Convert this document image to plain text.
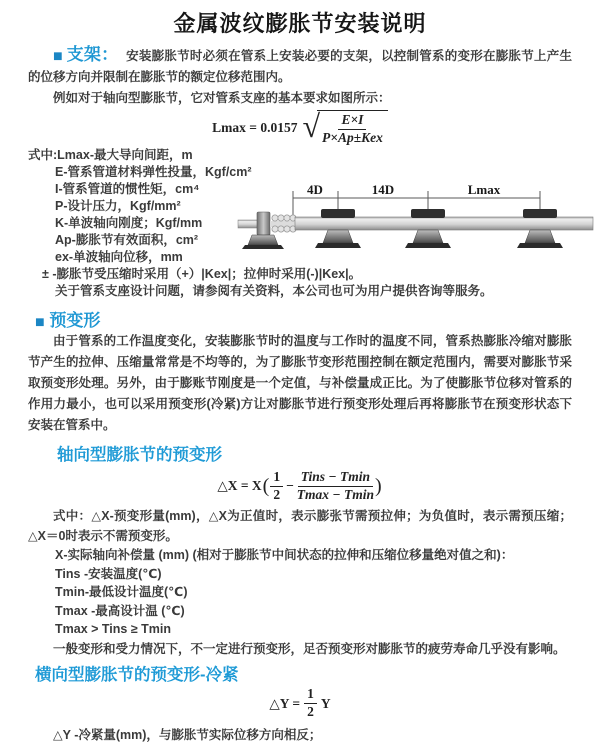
金属波纹膨胀节安装说明

■ 支架： 安装膨胀节时必须在管系上安装必要的支架，以控制管系的变形在膨胀节上产生的位移方向并限制在膨胀节的额定位移范围内。

例如对于轴向型膨胀节，它对管系支座的基本要求如图所示：

Lmax = 0.0157 √ $\frac{E\times I}{\text{P×Ap±Kex}}$

式中:Lmax-最大导向间距，m

E-管系管道材料弹性投量，Kgf/cm²

I-管系管道的惯性矩，cm⁴

P-设计压力，Kgf/mm²

K-单波轴向刚度；Kgf/mm

Ap-膨胀节有效面积，cm²

ex-单波轴向位移，mm

± -膨胀节受压缩时采用（+）|Kex|；拉伸时采用(-)|Kex|。

关于管系支座设计问题，请参阅有关资料，本公司也可为用户提供咨询等服务。

4D	14D	Lmax

■ 预变形

由于管系的工作温度变化，安装膨胀节时的温度与工作时的温度不同，管系热膨胀冷缩对膨胀节产生的拉伸、压缩量常常是不均等的，为了膨胀节变形范围控制在额定范围内，需要对膨胀节采取预变形处理。另外，由于膨账节刚度是一个定值，与补偿量成正比。为了使膨胀节位移对管系的作用力最小，也可以采用预变形(冷紧)方让对膨胀节进行预变形处理后再将膨胀节在预变形状态下安装在管系中。

轴向型膨胀节的预变形
△X = X ( $\frac{1}{2} - \frac{\text{Tins − Tmin}}{Tmax - Tmin}$ )

式中：△X-预变形量(mm)，△X为正值时，表示膨张节需预拉伸；为负值时，表示需预压缩；△X＝0时表示不需预变形。

X-实际轴向补偿量 (mm) (相对于膨胀节中间状态的拉伸和压缩位移量绝对值之和)：

Tins -安装温度(℃)

Tmin-最低设计温度(℃)

Tmax -最高设计温 (℃)

Tmax > Tins ≥ Tmin

一般变形和受力情况下，不一定进行预变形，足否预变形对膨胀节的疲劳寿命几乎没有影响。

横向型膨胀节的预变形-冷紧
△Y = $\frac{1}{2}$ Y

△Y -冷紧量(mm)，与膨胀节实际位移方向相反；
